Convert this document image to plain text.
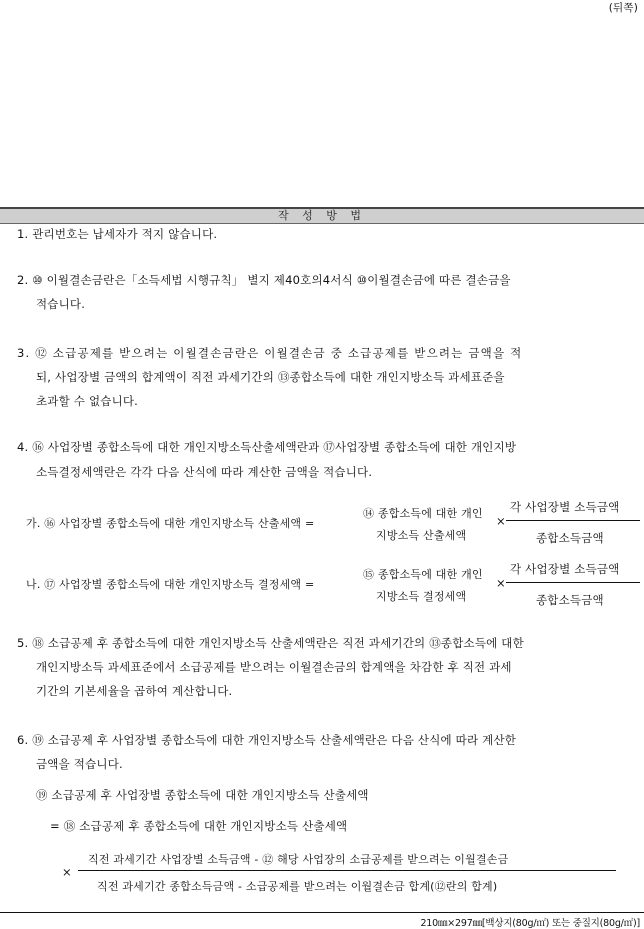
(뒤쪽)
작 성 방 법
1. 관리번호는 납세자가 적지 않습니다.
2. ⑩ 이월결손금란은「소득세법 시행규칙」 별지 제40호의4서식 ⑩이월결손금에 따른 결손금을
적습니다.
3. ⑫ 소급공제를 받으려는 이월결손금란은 이월결손금 중 소급공제를 받으려는 금액을 적
되, 사업장별 금액의 합계액이 직전 과세기간의 ⑬종합소득에 대한 개인지방소득 과세표준을
초과할 수 없습니다.
4. ⑯ 사업장별 종합소득에 대한 개인지방소득산출세액란과 ⑰사업장별 종합소득에 대한 개인지방
소득결정세액란은 각각 다음 산식에 따라 계산한 금액을 적습니다.
가. ⑯ 사업장별 종합소득에 대한 개인지방소득 산출세액 =
⑭ 종합소득에 대한 개인
지방소득 산출세액
×
각 사업장별 소득금액
종합소득금액
나. ⑰ 사업장별 종합소득에 대한 개인지방소득 결정세액 =
⑮ 종합소득에 대한 개인
지방소득 결정세액
×
각 사업장별 소득금액
종합소득금액
5. ⑱ 소급공제 후 종합소득에 대한 개인지방소득 산출세액란은 직전 과세기간의 ⑬종합소득에 대한
개인지방소득 과세표준에서 소급공제를 받으려는 이월결손금의 합계액을 차감한 후 직전 과세
기간의 기본세율을 곱하여 계산합니다.
6. ⑲ 소급공제 후 사업장별 종합소득에 대한 개인지방소득 산출세액란은 다음 산식에 따라 계산한
금액을 적습니다.
⑲ 소급공제 후 사업장별 종합소득에 대한 개인지방소득 산출세액
= ⑱ 소급공제 후 종합소득에 대한 개인지방소득 산출세액
×
직전 과세기간 사업장별 소득금액 - ⑫ 해당 사업장의 소급공제를 받으려는 이월결손금
직전 과세기간 종합소득금액 - 소급공제를 받으려는 이월결손금 합계(⑫란의 합계)
210㎜×297㎜[백상지(80g/㎡) 또는 중질지(80g/㎡)]
